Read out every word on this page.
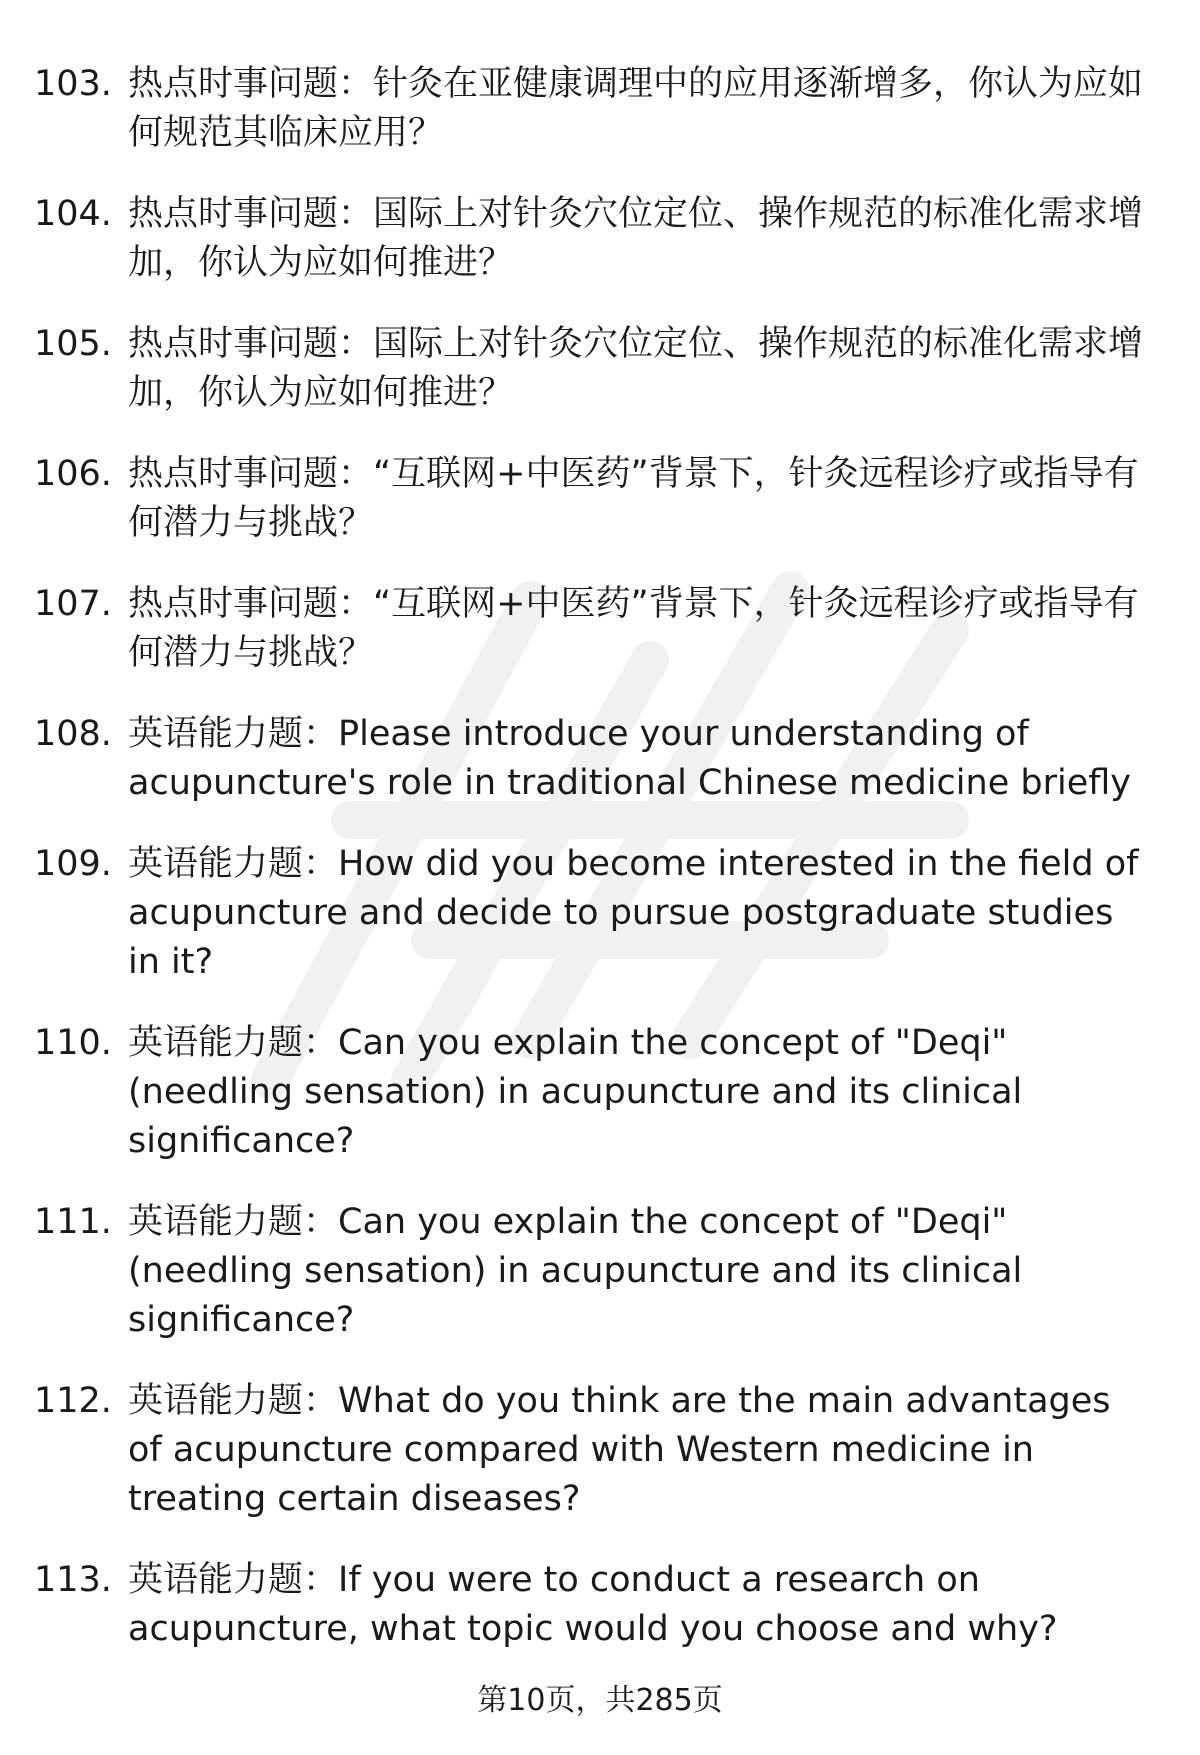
103. 热点时事问题：针灸在亚健康调理中的应用逐渐增多，你认为应如何规范其临床应用？
104. 热点时事问题：国际上对针灸穴位定位、操作规范的标准化需求增加，你认为应如何推进？
105. 热点时事问题：国际上对针灸穴位定位、操作规范的标准化需求增加，你认为应如何推进？
106. 热点时事问题：“互联网+中医药”背景下，针灸远程诊疗或指导有何潜力与挑战？
107. 热点时事问题：“互联网+中医药”背景下，针灸远程诊疗或指导有何潜力与挑战？
108. 英语能力题：Please introduce your understanding of acupuncture's role in traditional Chinese medicine briefly
109. 英语能力题：How did you become interested in the field of acupuncture and decide to pursue postgraduate studies in it?
110. 英语能力题：Can you explain the concept of "Deqi" (needling sensation) in acupuncture and its clinical significance?
111. 英语能力题：Can you explain the concept of "Deqi" (needling sensation) in acupuncture and its clinical significance?
112. 英语能力题：What do you think are the main advantages of acupuncture compared with Western medicine in treating certain diseases?
113. 英语能力题：If you were to conduct a research on acupuncture, what topic would you choose and why?
第10页，共285页
